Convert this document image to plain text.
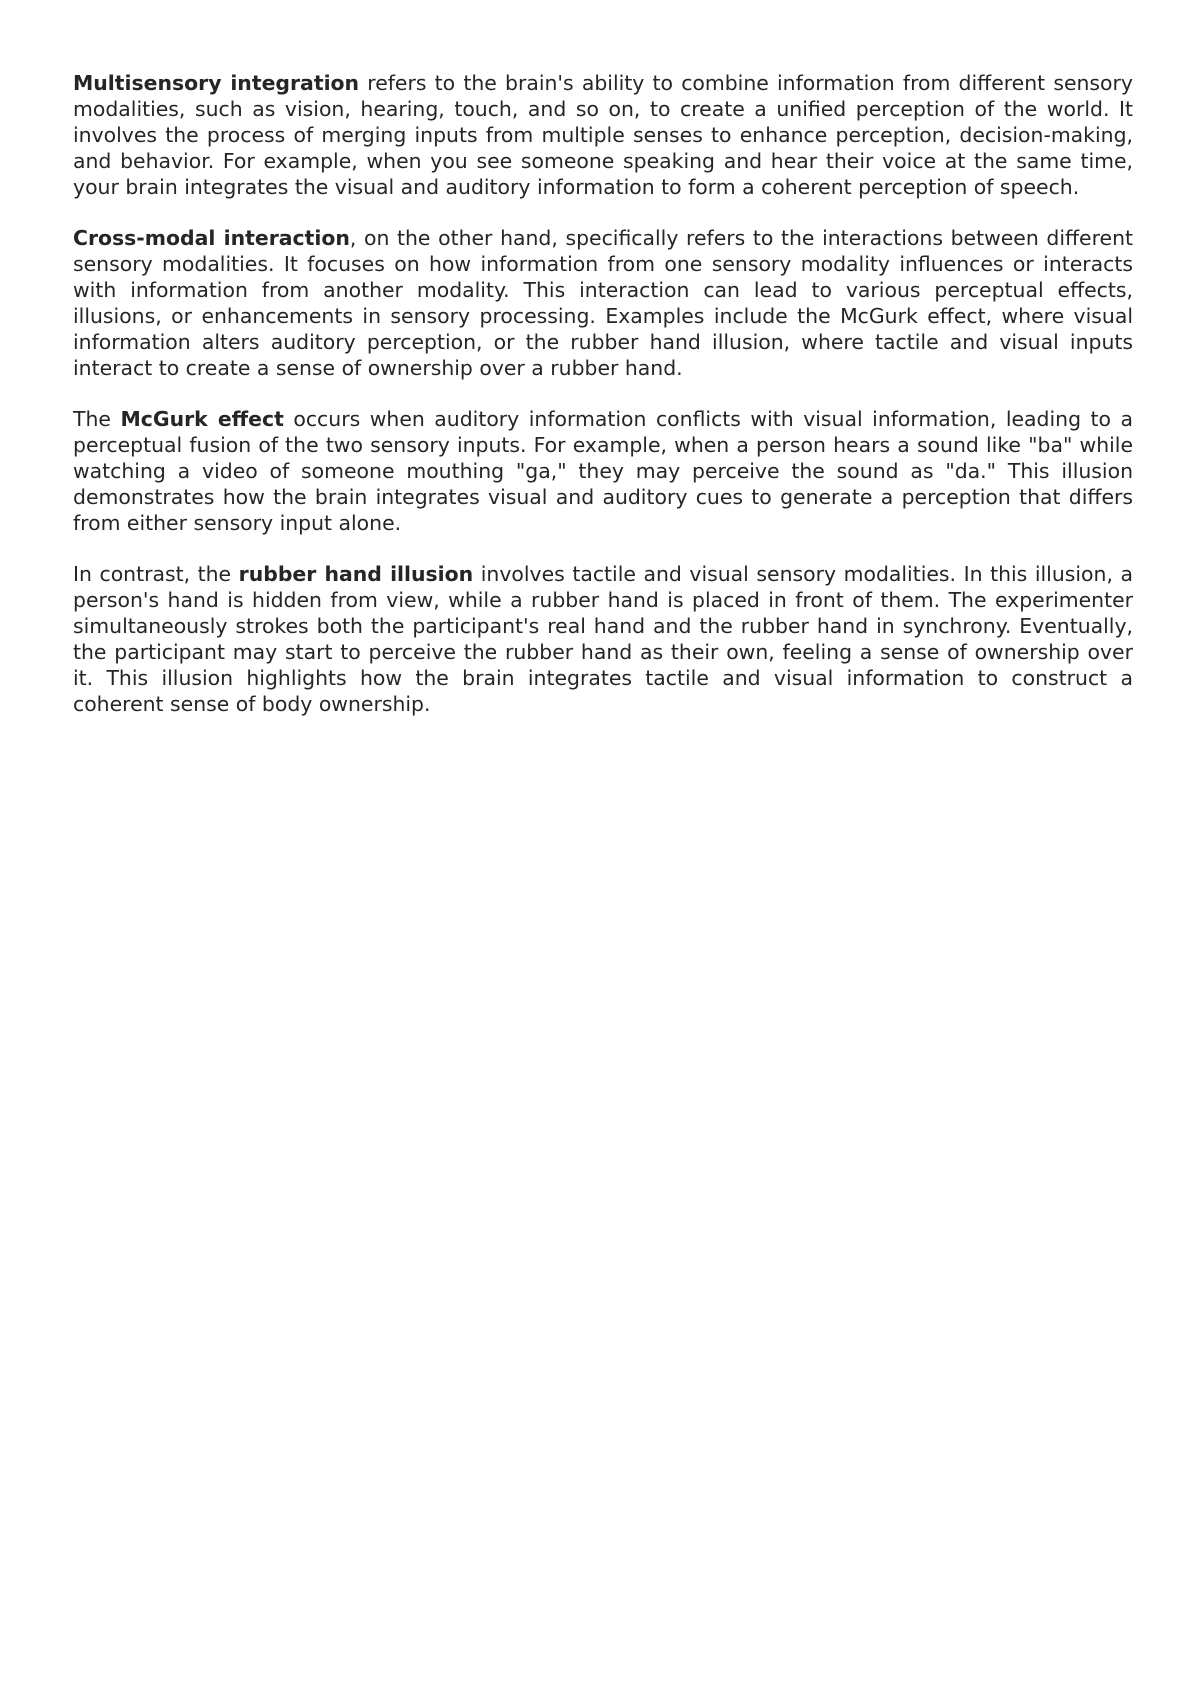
Multisensory integration refers to the brain's ability to combine information from different sensory modalities, such as vision, hearing, touch, and so on, to create a unified perception of the world. It involves the process of merging inputs from multiple senses to enhance perception, decision-making, and behavior. For example, when you see someone speaking and hear their voice at the same time, your brain integrates the visual and auditory information to form a coherent perception of speech.

Cross-modal interaction, on the other hand, specifically refers to the interactions between different sensory modalities. It focuses on how information from one sensory modality influences or interacts with information from another modality. This interaction can lead to various perceptual effects, illusions, or enhancements in sensory processing. Examples include the McGurk effect, where visual information alters auditory perception, or the rubber hand illusion, where tactile and visual inputs interact to create a sense of ownership over a rubber hand.

The McGurk effect occurs when auditory information conflicts with visual information, leading to a perceptual fusion of the two sensory inputs. For example, when a person hears a sound like "ba" while watching a video of someone mouthing "ga," they may perceive the sound as "da." This illusion demonstrates how the brain integrates visual and auditory cues to generate a perception that differs from either sensory input alone.

In contrast, the rubber hand illusion involves tactile and visual sensory modalities. In this illusion, a person's hand is hidden from view, while a rubber hand is placed in front of them. The experimenter simultaneously strokes both the participant's real hand and the rubber hand in synchrony. Eventually, the participant may start to perceive the rubber hand as their own, feeling a sense of ownership over it. This illusion highlights how the brain integrates tactile and visual information to construct a coherent sense of body ownership.
